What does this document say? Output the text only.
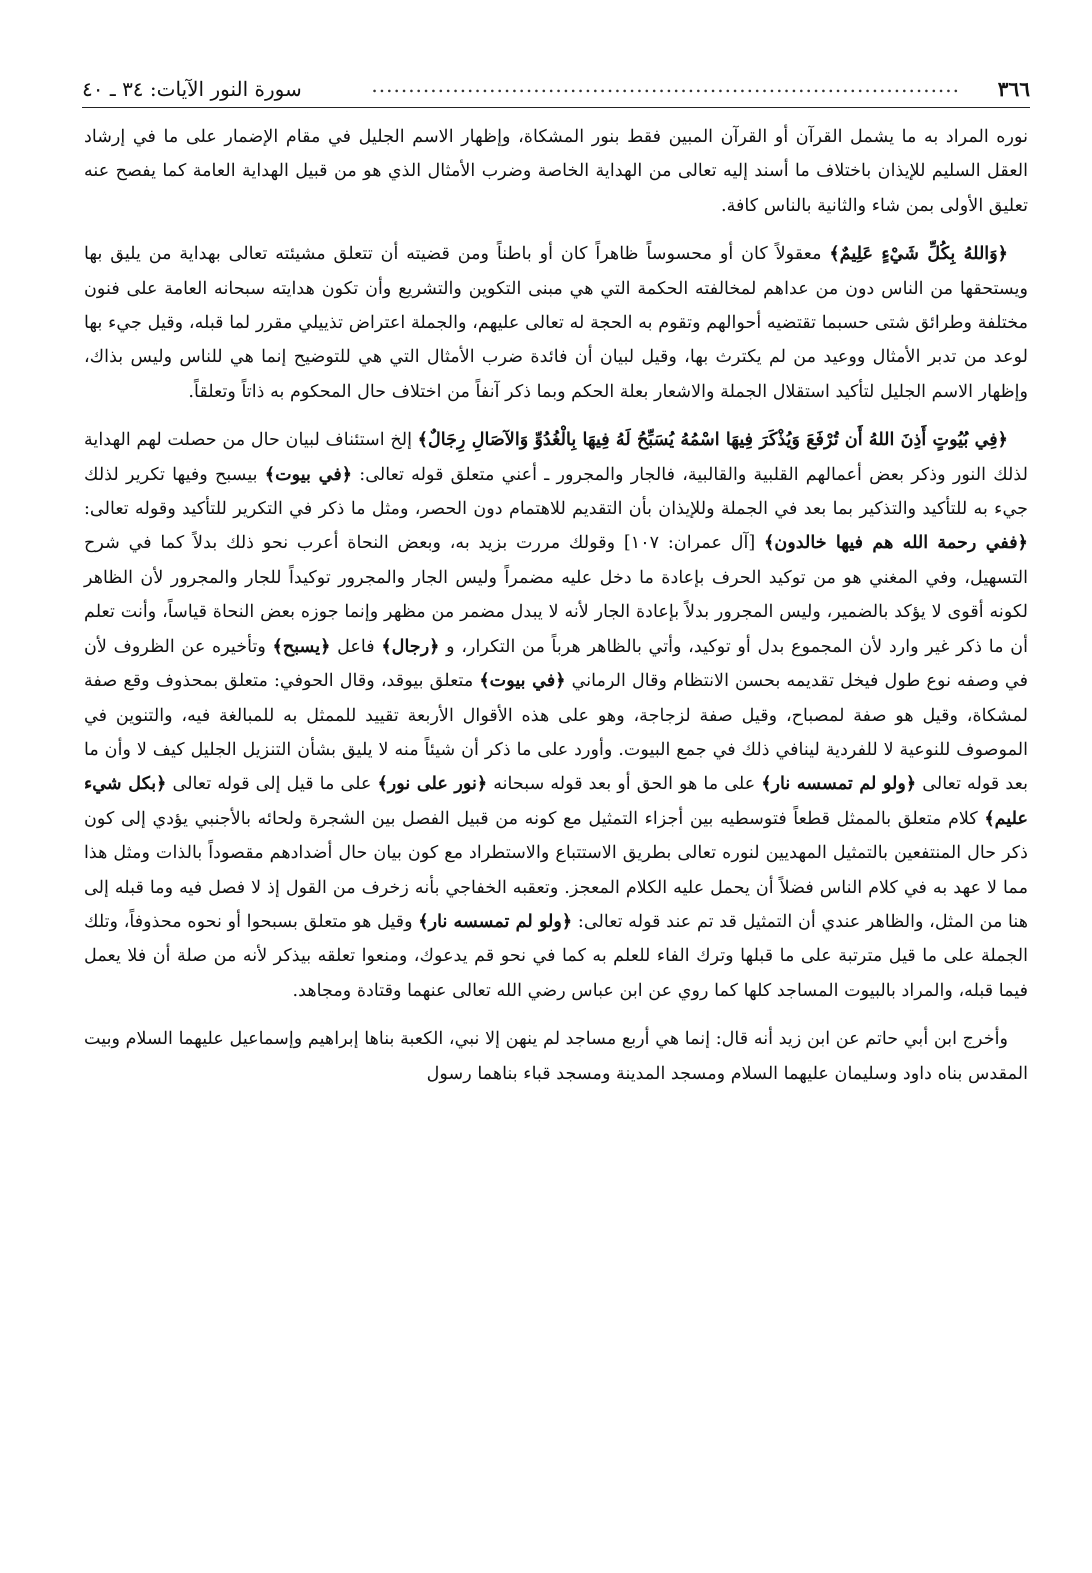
٣٦٦
................................................................................
سورة النور الآيات: ٣٤ ـ ٤٠

نوره المراد به ما يشمل القرآن أو القرآن المبين فقط بنور المشكاة، وإظهار الاسم الجليل في مقام الإضمار على ما في إرشاد العقل السليم للإيذان باختلاف ما أسند إليه تعالى من الهداية الخاصة وضرب الأمثال الذي هو من قبيل الهداية العامة كما يفصح عنه تعليق الأولى بمن شاء والثانية بالناس كافة.

﴿وَاللهُ بِكُلِّ شَيْءٍ عَلِيمٌ﴾ معقولاً كان أو محسوساً ظاهراً كان أو باطناً ومن قضيته أن تتعلق مشيئته تعالى بهداية من يليق بها ويستحقها من الناس دون من عداهم لمخالفته الحكمة التي هي مبنى التكوين والتشريع وأن تكون هدايته سبحانه العامة على فنون مختلفة وطرائق شتى حسبما تقتضيه أحوالهم وتقوم به الحجة له تعالى عليهم، والجملة اعتراض تذييلي مقرر لما قبله، وقيل جيء بها لوعد من تدبر الأمثال ووعيد من لم يكترث بها، وقيل لبيان أن فائدة ضرب الأمثال التي هي للتوضيح إنما هي للناس وليس بذاك، وإظهار الاسم الجليل لتأكيد استقلال الجملة والاشعار بعلة الحكم وبما ذكر آنفاً من اختلاف حال المحكوم به ذاتاً وتعلقاً.

﴿فِي بُيُوتٍ أَذِنَ اللهُ أَن تُرْفَعَ وَيُذْكَرَ فِيهَا اسْمُهُ يُسَبِّحُ لَهُ فِيهَا بِالْغُدُوِّ وَالآصَالِ رِجَالٌ﴾ إلخ استئناف لبيان حال من حصلت لهم الهداية لذلك النور وذكر بعض أعمالهم القلبية والقالبية، فالجار والمجرور ـ أعني متعلق قوله تعالى: ﴿في بيوت﴾ بيسبح وفيها تكرير لذلك جيء به للتأكيد والتذكير بما بعد في الجملة وللإيذان بأن التقديم للاهتمام دون الحصر، ومثل ما ذكر في التكرير للتأكيد وقوله تعالى: ﴿ففي رحمة الله هم فيها خالدون﴾ [آل عمران: ١٠٧] وقولك مررت بزيد به، وبعض النحاة أعرب نحو ذلك بدلاً كما في شرح التسهيل، وفي المغني هو من توكيد الحرف بإعادة ما دخل عليه مضمراً وليس الجار والمجرور توكيداً للجار والمجرور لأن الظاهر لكونه أقوى لا يؤكد بالضمير، وليس المجرور بدلاً بإعادة الجار لأنه لا يبدل مضمر من مظهر وإنما جوزه بعض النحاة قياساً، وأنت تعلم أن ما ذكر غير وارد لأن المجموع بدل أو توكيد، وأتي بالظاهر هرباً من التكرار، و ﴿رجال﴾ فاعل ﴿يسبح﴾ وتأخيره عن الظروف لأن في وصفه نوع طول فيخل تقديمه بحسن الانتظام وقال الرماني ﴿في بيوت﴾ متعلق بيوقد، وقال الحوفي: متعلق بمحذوف وقع صفة لمشكاة، وقيل هو صفة لمصباح، وقيل صفة لزجاجة، وهو على هذه الأقوال الأربعة تقييد للممثل به للمبالغة فيه، والتنوين في الموصوف للنوعية لا للفردية لينافي ذلك في جمع البيوت. وأورد على ما ذكر أن شيئاً منه لا يليق بشأن التنزيل الجليل كيف لا وأن ما بعد قوله تعالى ﴿ولو لم تمسسه نار﴾ على ما هو الحق أو بعد قوله سبحانه ﴿نور على نور﴾ على ما قيل إلى قوله تعالى ﴿بكل شيء عليم﴾ كلام متعلق بالممثل قطعاً فتوسطيه بين أجزاء التمثيل مع كونه من قبيل الفصل بين الشجرة ولحائه بالأجنبي يؤدي إلى كون ذكر حال المنتفعين بالتمثيل المهديين لنوره تعالى بطريق الاستتباع والاستطراد مع كون بيان حال أضدادهم مقصوداً بالذات ومثل هذا مما لا عهد به في كلام الناس فضلاً أن يحمل عليه الكلام المعجز. وتعقبه الخفاجي بأنه زخرف من القول إذ لا فصل فيه وما قبله إلى هنا من المثل، والظاهر عندي أن التمثيل قد تم عند قوله تعالى: ﴿ولو لم تمسسه نار﴾ وقيل هو متعلق بسبحوا أو نحوه محذوفاً، وتلك الجملة على ما قيل مترتبة على ما قبلها وترك الفاء للعلم به كما في نحو قم يدعوك، ومنعوا تعلقه بيذكر لأنه من صلة أن فلا يعمل فيما قبله، والمراد بالبيوت المساجد كلها كما روي عن ابن عباس رضي الله تعالى عنهما وقتادة ومجاهد.

وأخرج ابن أبي حاتم عن ابن زيد أنه قال: إنما هي أربع مساجد لم ينهن إلا نبي، الكعبة بناها إبراهيم وإسماعيل عليهما السلام وبيت المقدس بناه داود وسليمان عليهما السلام ومسجد المدينة ومسجد قباء بناهما رسول
